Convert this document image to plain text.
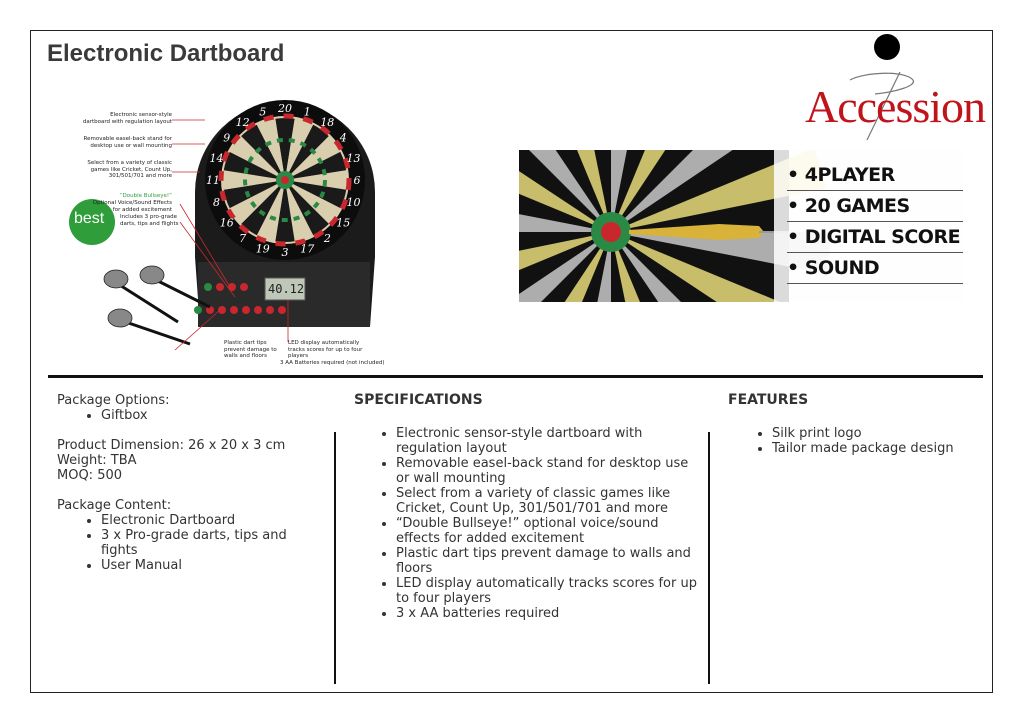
Electronic Dartboard
Accession
20 1
18
4
13
6
10
15
2
17
3
19
7
16
8
11
14
9
12
5
best
40.12
Electronic sensor-style dartboard with regulation layout
Removable easel-back stand for desktop use or wall mounting
Select from a variety of classic games like Cricket, Count Up, 301/501/701 and more
“Double Bullseye!”
Optional Voice/Sound Effects for added excitement
Includes 3 pro-grade darts, tips and flights
Plastic dart tips prevent damage to walls and floors
LED display automatically tracks scores for up to four players
3 AA Batteries required (not included)
• 4PLAYER
• 20 GAMES
• DIGITAL SCORE
• SOUND

Package Options:

• Giftbox

Product Dimension: 26 x 20 x 3 cm

Weight: TBA

MOQ: 500

Package Content:

• Electronic Dartboard
• 3 x Pro-grade darts, tips and fights
• User Manual
SPECIFICATIONS
• Electronic sensor-style dartboard with regulation layout
• Removable easel-back stand for desktop use or wall mounting
• Select from a variety of classic games like Cricket, Count Up, 301/501/701 and more
• “Double Bullseye!” optional voice/sound effects for added excitement
• Plastic dart tips prevent damage to walls and floors
• LED display automatically tracks scores for up to four players
• 3 x AA batteries required
FEATURES
• Silk print logo
• Tailor made package design
